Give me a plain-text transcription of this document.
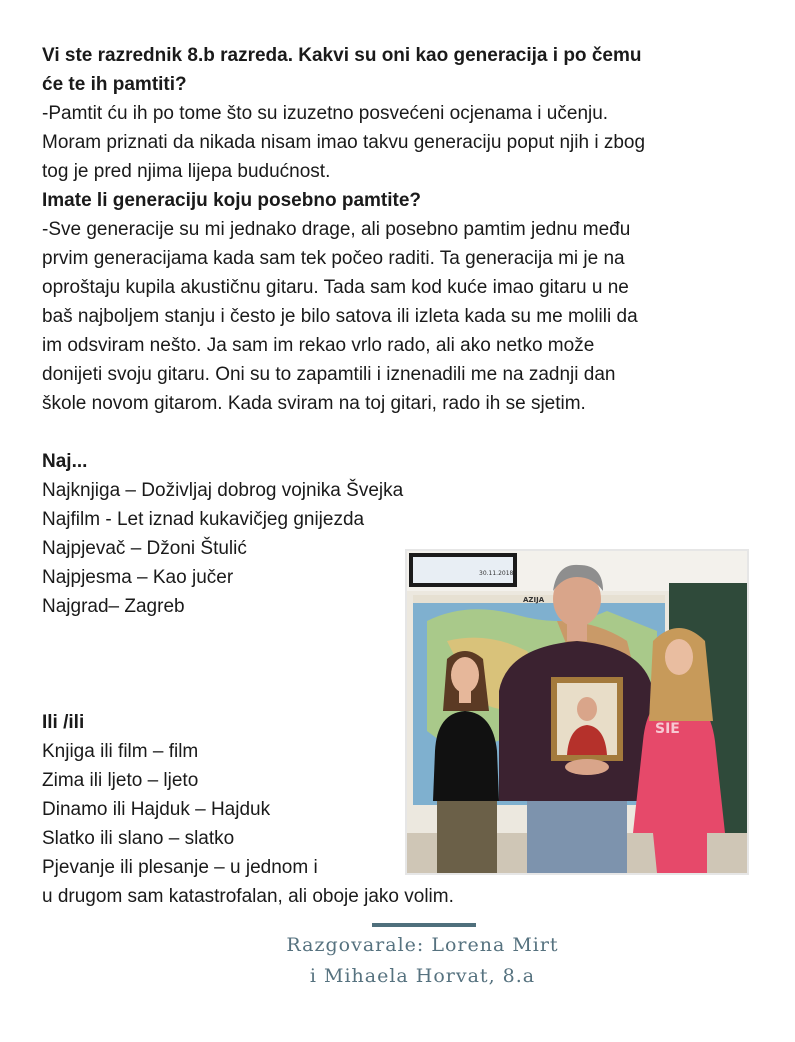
Vi ste razrednik 8.b razreda. Kakvi su oni kao generacija i po čemu
će te ih pamtiti?
-Pamtit ću ih po tome što su izuzetno posvećeni ocjenama i učenju.
Moram priznati da nikada nisam imao takvu generaciju poput njih i zbog
tog je pred njima lijepa budućnost.
Imate li generaciju koju posebno pamtite?
-Sve generacije su mi jednako drage, ali posebno pamtim jednu među
prvim generacijama kada sam tek počeo raditi. Ta generacija mi je na
oproštaju kupila akustičnu gitaru. Tada sam kod kuće imao gitaru u ne
baš najboljem stanju i često je bilo satova ili izleta kada su me molili da
im odsviram nešto. Ja sam im rekao vrlo rado, ali ako netko može
donijeti svoju gitaru. Oni su to zapamtili i iznenadili me na zadnji dan
škole novom gitarom. Kada sviram na toj gitari, rado ih se sjetim.
Naj...
Najknjiga – Doživljaj dobrog vojnika Švejka
Najfilm - Let iznad kukavičjeg gnijezda
Najpjevač – Džoni Štulić
Najpjesma – Kao jučer
Najgrad– Zagreb
Ili /ili
Knjiga ili film – film
Zima ili ljeto – ljeto
Dinamo ili Hajduk – Hajduk
Slatko ili slano – slatko
Pjevanje ili plesanje – u jednom i
u drugom sam katastrofalan, ali oboje jako volim.
30.11.2018
AZIJA
SIE
Razgovarale: Lorena Mirt
i Mihaela Horvat, 8.a
